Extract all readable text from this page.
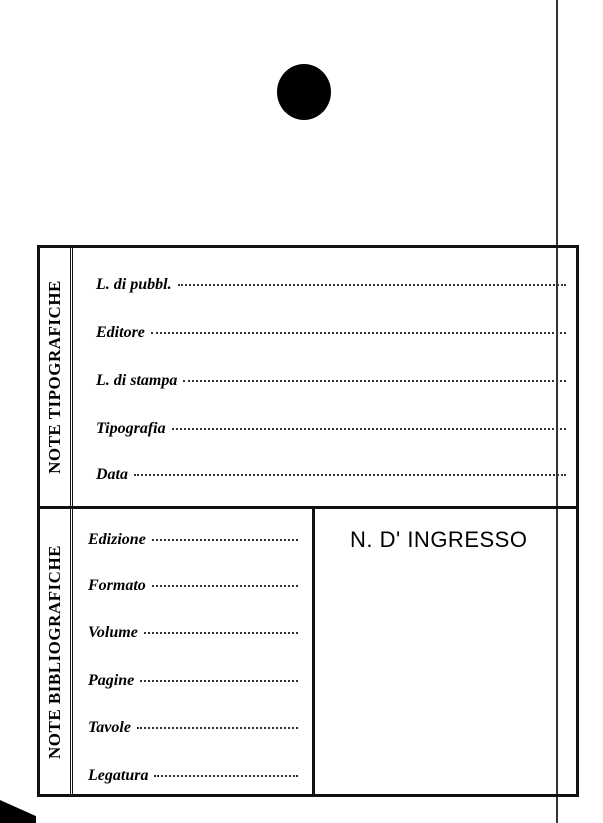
NOTE TIPOGRAFICHE L. di pubbl.
Editore
L. di stampa
Tipografia
Data
NOTE BIBLIOGRAFICHE
Edizione
Formato
Volume
Pagine
Tavole
Legatura
N. D' INGRESSO
